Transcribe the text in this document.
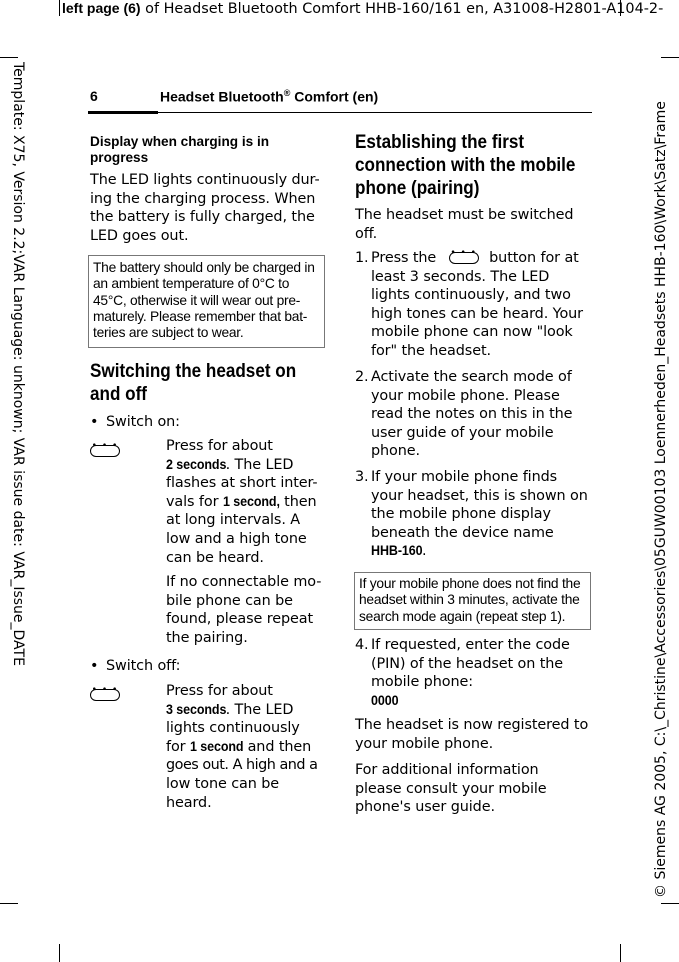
left page (6) of Headset Bluetooth Comfort HHB-160/161 en, A31008-H2801-A104-2-
Template: X75, Version 2.2;VAR Language: unknown; VAR issue date: VAR_Issue_DATE	© Siemens AG 2005, C:\_Christine\Accessories\05GUW00103 Loennerheden_Headsets HHB-160\Work\Satz\Frame
6	Headset Bluetooth® Comfort (en)
Display when charging is in progress
The LED lights continuously dur-
ing the charging process. When
the battery is fully charged, the
LED goes out.
The battery should only be charged in
an ambient temperature of 0°C to
45°C, otherwise it will wear out pre-
maturely. Please remember that bat-
teries are subject to wear.
Switching the headset on
and off
• Switch on:
• • •	Press for about
2 seconds. The LED
flashes at short inter-
vals for 1 second, then
at long intervals. A
low and a high tone
can be heard.
If no connectable mo-
bile phone can be
found, please repeat
the pairing.
• Switch off:
• • •	Press for about
3 seconds. The LED
lights continuously
for 1 second and then
goes out. A high and a
low tone can be
heard.
Establishing the first
connection with the mobile
phone (pairing)
The headset must be switched
off.
1. Press the • • • button for at
least 3 seconds. The LED
lights continuously, and two
high tones can be heard. Your
mobile phone can now "look
for" the headset.
2. Activate the search mode of
your mobile phone. Please
read the notes on this in the
user guide of your mobile
phone.
3. If your mobile phone finds
your headset, this is shown on
the mobile phone display
beneath the device name
HHB-160.
If your mobile phone does not find the
headset within 3 minutes, activate the
search mode again (repeat step 1).
4. If requested, enter the code
(PIN) of the headset on the
mobile phone:
0000
The headset is now registered to
your mobile phone.
For additional information
please consult your mobile
phone's user guide.
